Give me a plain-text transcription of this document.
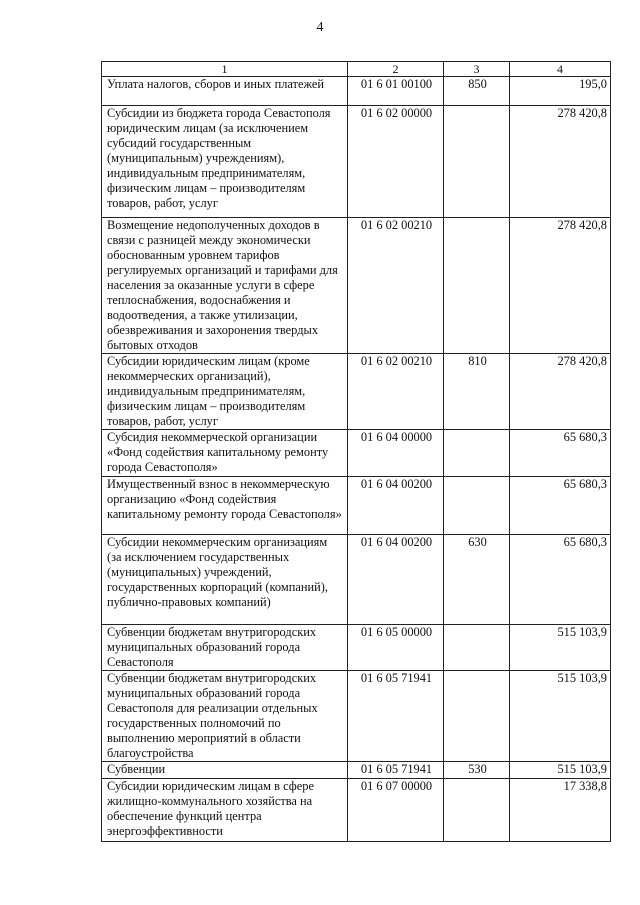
4
1	2	3	4
Уплата налогов, сборов и иных платежей	01 6 01 00100	850	195,0
Субсидии из бюджета города Севастополя юридическим лицам (за исключением субсидий государственным (муниципальным) учреждениям), индивидуальным предпринимателям, физическим лицам – производителям товаров, работ, услуг	01 6 02 00000		278 420,8
Возмещение недополученных доходов в связи с разницей между экономически обоснованным уровнем тарифов регулируемых организаций и тарифами для населения за оказанные услуги в сфере теплоснабжения, водоснабжения и водоотведения, а также утилизации, обезвреживания и захоронения твердых бытовых отходов	01 6 02 00210		278 420,8
Субсидии юридическим лицам (кроме некоммерческих организаций), индивидуальным предпринимателям, физическим лицам – производителям товаров, работ, услуг	01 6 02 00210	810	278 420,8
Субсидия некоммерческой организации «Фонд содействия капитальному ремонту города Севастополя»	01 6 04 00000		65 680,3
Имущественный взнос в некоммерческую организацию «Фонд содействия капитальному ремонту города Севастополя»	01 6 04 00200		65 680,3
Субсидии некоммерческим организациям (за исключением государственных (муниципальных) учреждений, государственных корпораций (компаний), публично-правовых компаний)	01 6 04 00200	630	65 680,3
Субвенции бюджетам внутригородских муниципальных образований города Севастополя	01 6 05 00000		515 103,9
Субвенции бюджетам внутригородских муниципальных образований города Севастополя для реализации отдельных государственных полномочий по выполнению мероприятий в области благоустройства	01 6 05 71941		515 103,9
Субвенции	01 6 05 71941	530	515 103,9
Субсидии юридическим лицам в сфере жилищно-коммунального хозяйства на обеспечение функций центра энергоэффективности	01 6 07 00000		17 338,8
